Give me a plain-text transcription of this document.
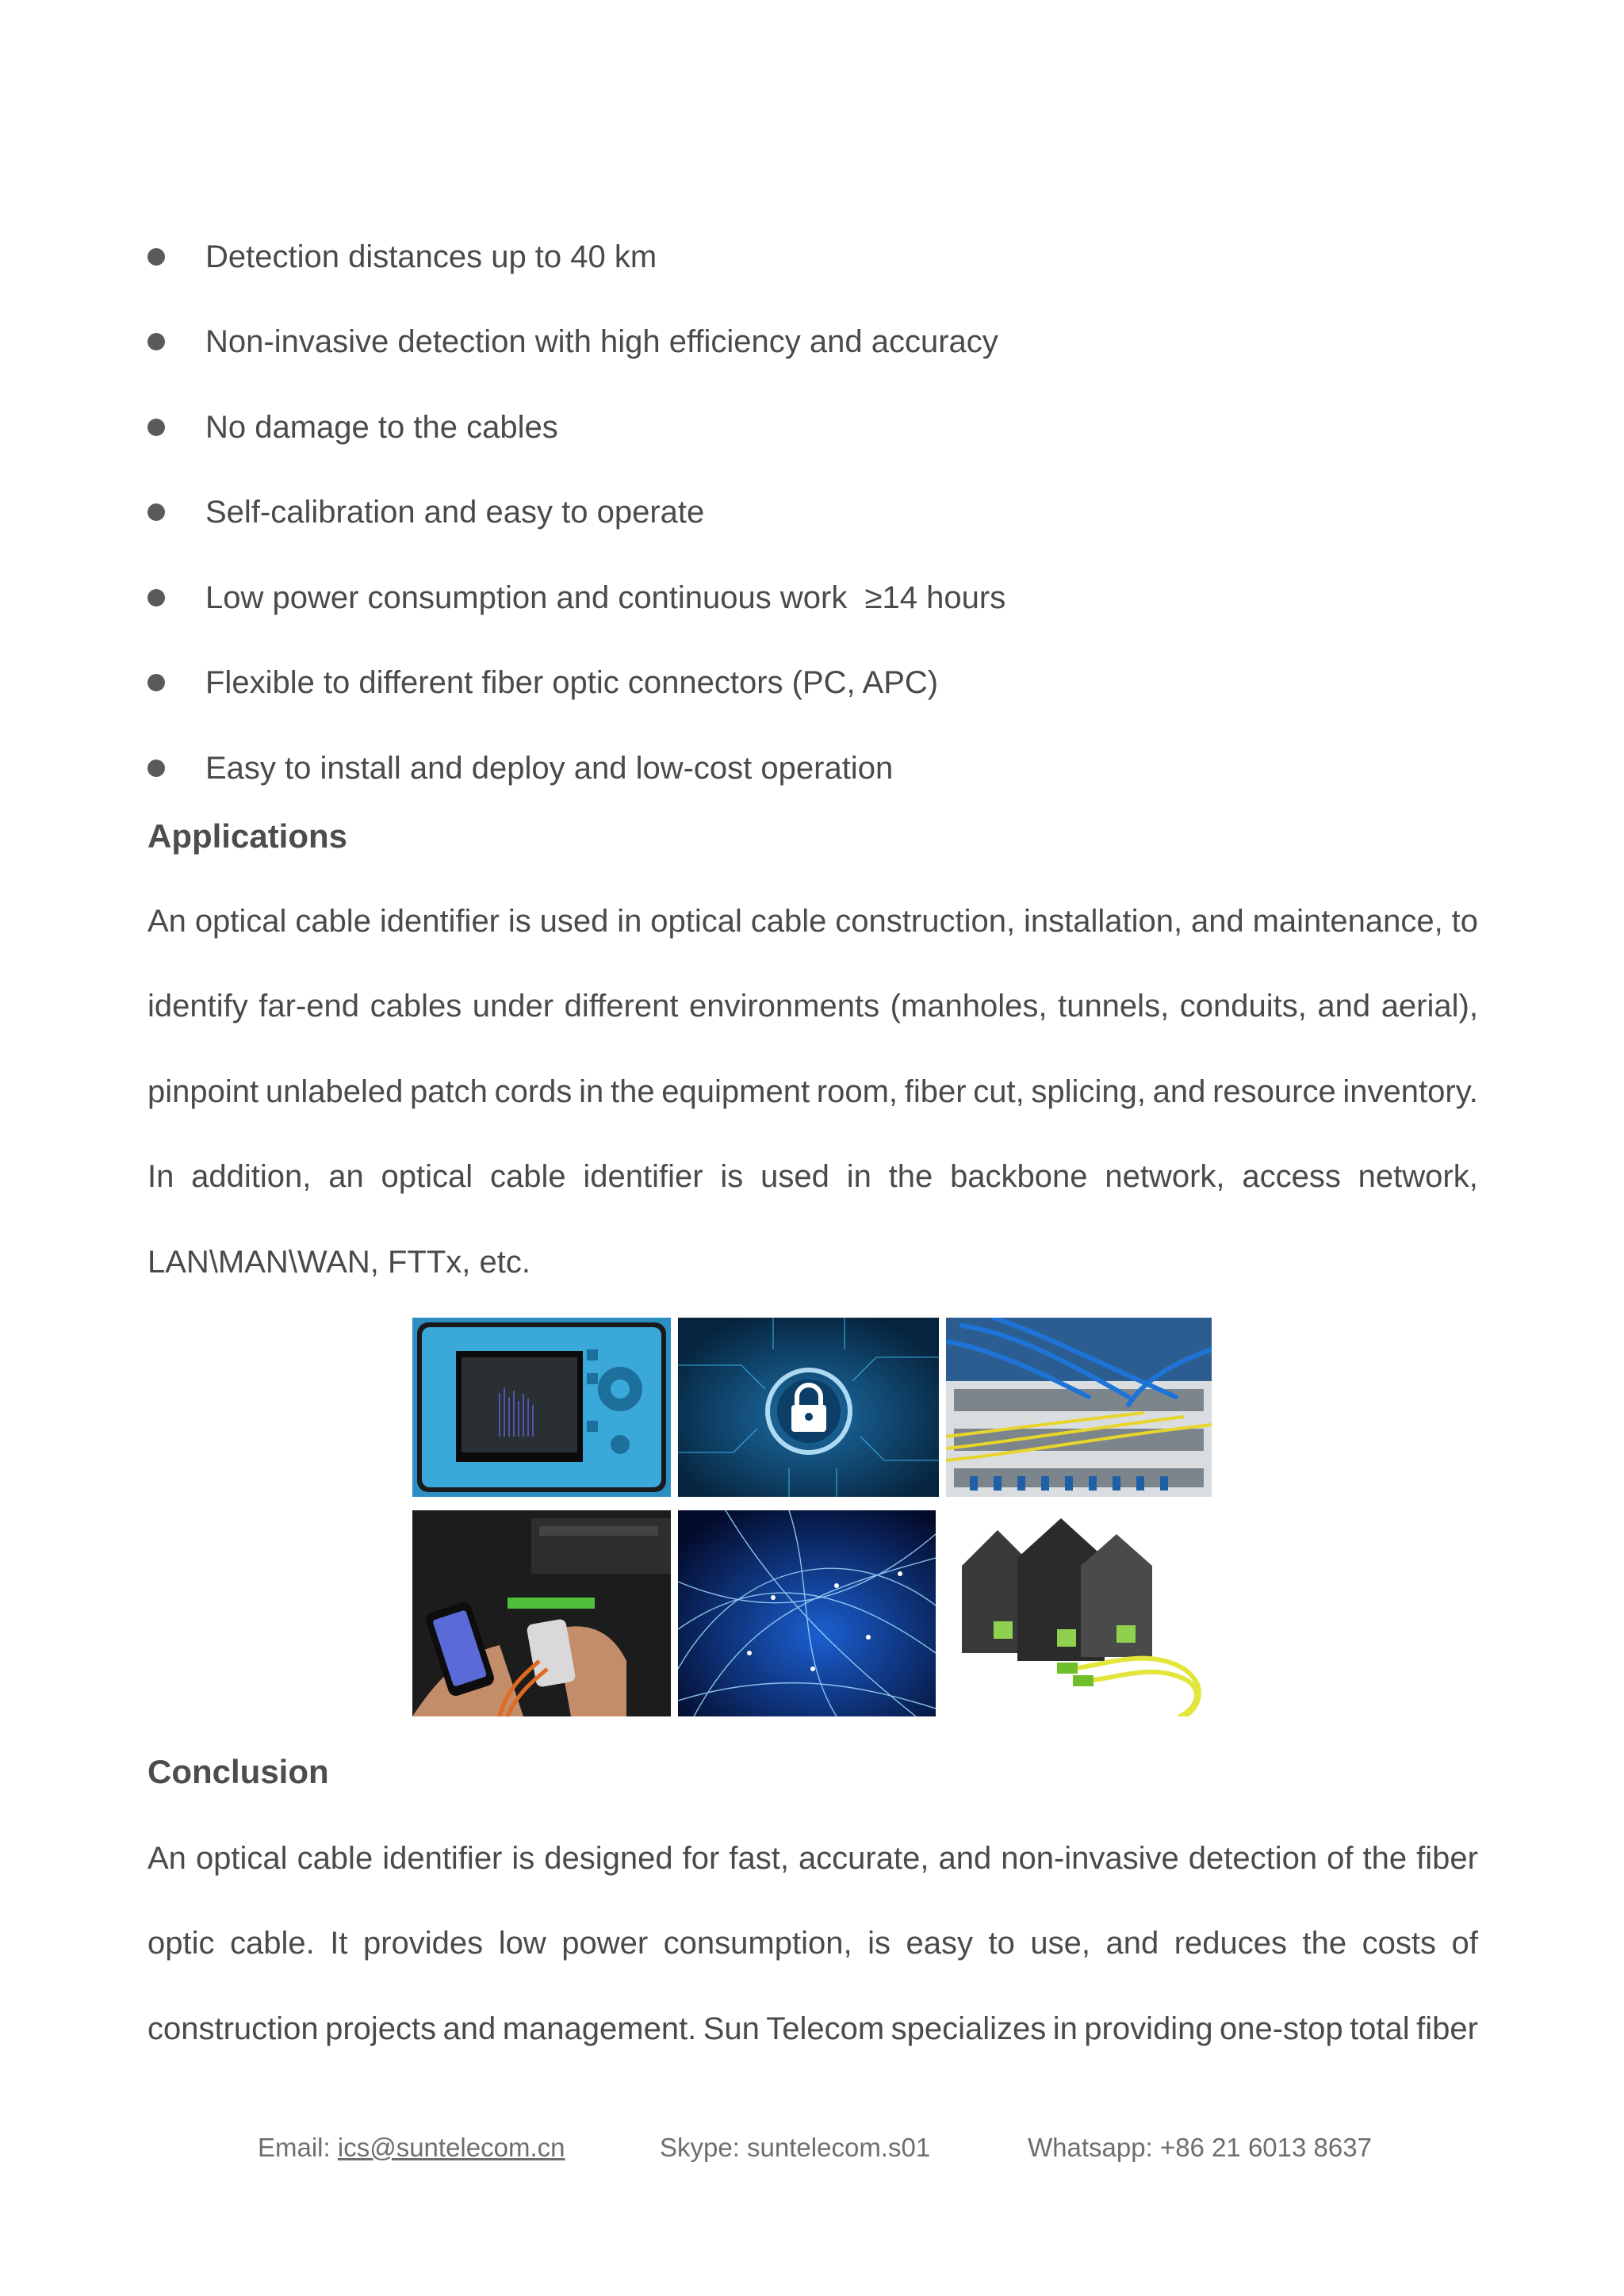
Detection distances up to 40 km
Non-invasive detection with high efficiency and accuracy
No damage to the cables
Self-calibration and easy to operate
Low power consumption and continuous work  ≥14 hours
Flexible to different fiber optic connectors (PC, APC)
Easy to install and deploy and low-cost operation
Applications
An optical cable identifier is used in optical cable construction, installation, and maintenance, to
identify far-end cables under different environments (manholes, tunnels, conduits, and aerial),
pinpoint unlabeled patch cords in the equipment room, fiber cut, splicing, and resource inventory.
In addition, an optical cable identifier is used in the backbone network, access network,
LAN\MAN\WAN, FTTx, etc.
Conclusion
An optical cable identifier is designed for fast, accurate, and non-invasive detection of the fiber
optic cable. It provides low power consumption, is easy to use, and reduces the costs of
construction projects and management. Sun Telecom specializes in providing one-stop total fiber
Email: ics@suntelecom.cn	Skype: suntelecom.s01	Whatsapp: +86 21 6013 8637
